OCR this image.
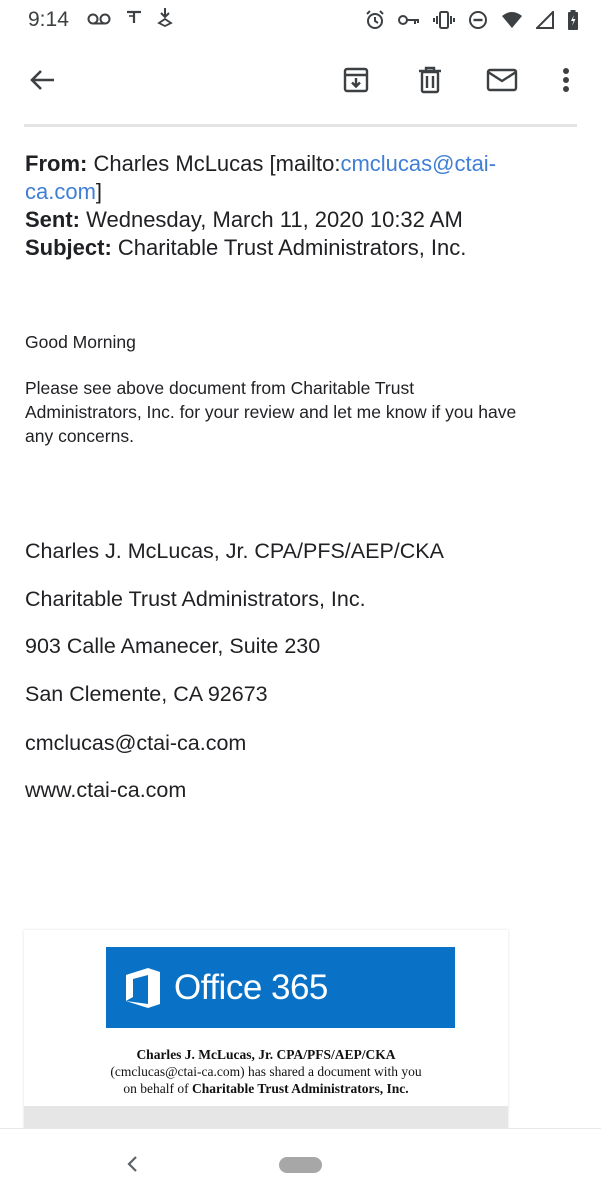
9:14
From: Charles McLucas [mailto:cmclucas@ctai-
ca.com]
Sent: Wednesday, March 11, 2020 10:32 AM
Subject: Charitable Trust Administrators, Inc.
Good Morning
Please see above document from Charitable Trust
Administrators, Inc. for your review and let me know if you have
any concerns.
Charles J. McLucas, Jr. CPA/PFS/AEP/CKA
Charitable Trust Administrators, Inc.
903 Calle Amanecer, Suite 230
San Clemente, CA 92673
cmclucas@ctai-ca.com
www.ctai-ca.com
Office 365
Charles J. McLucas, Jr. CPA/PFS/AEP/CKA
(cmclucas@ctai-ca.com) has shared a document with you
on behalf of Charitable Trust Administrators, Inc.
